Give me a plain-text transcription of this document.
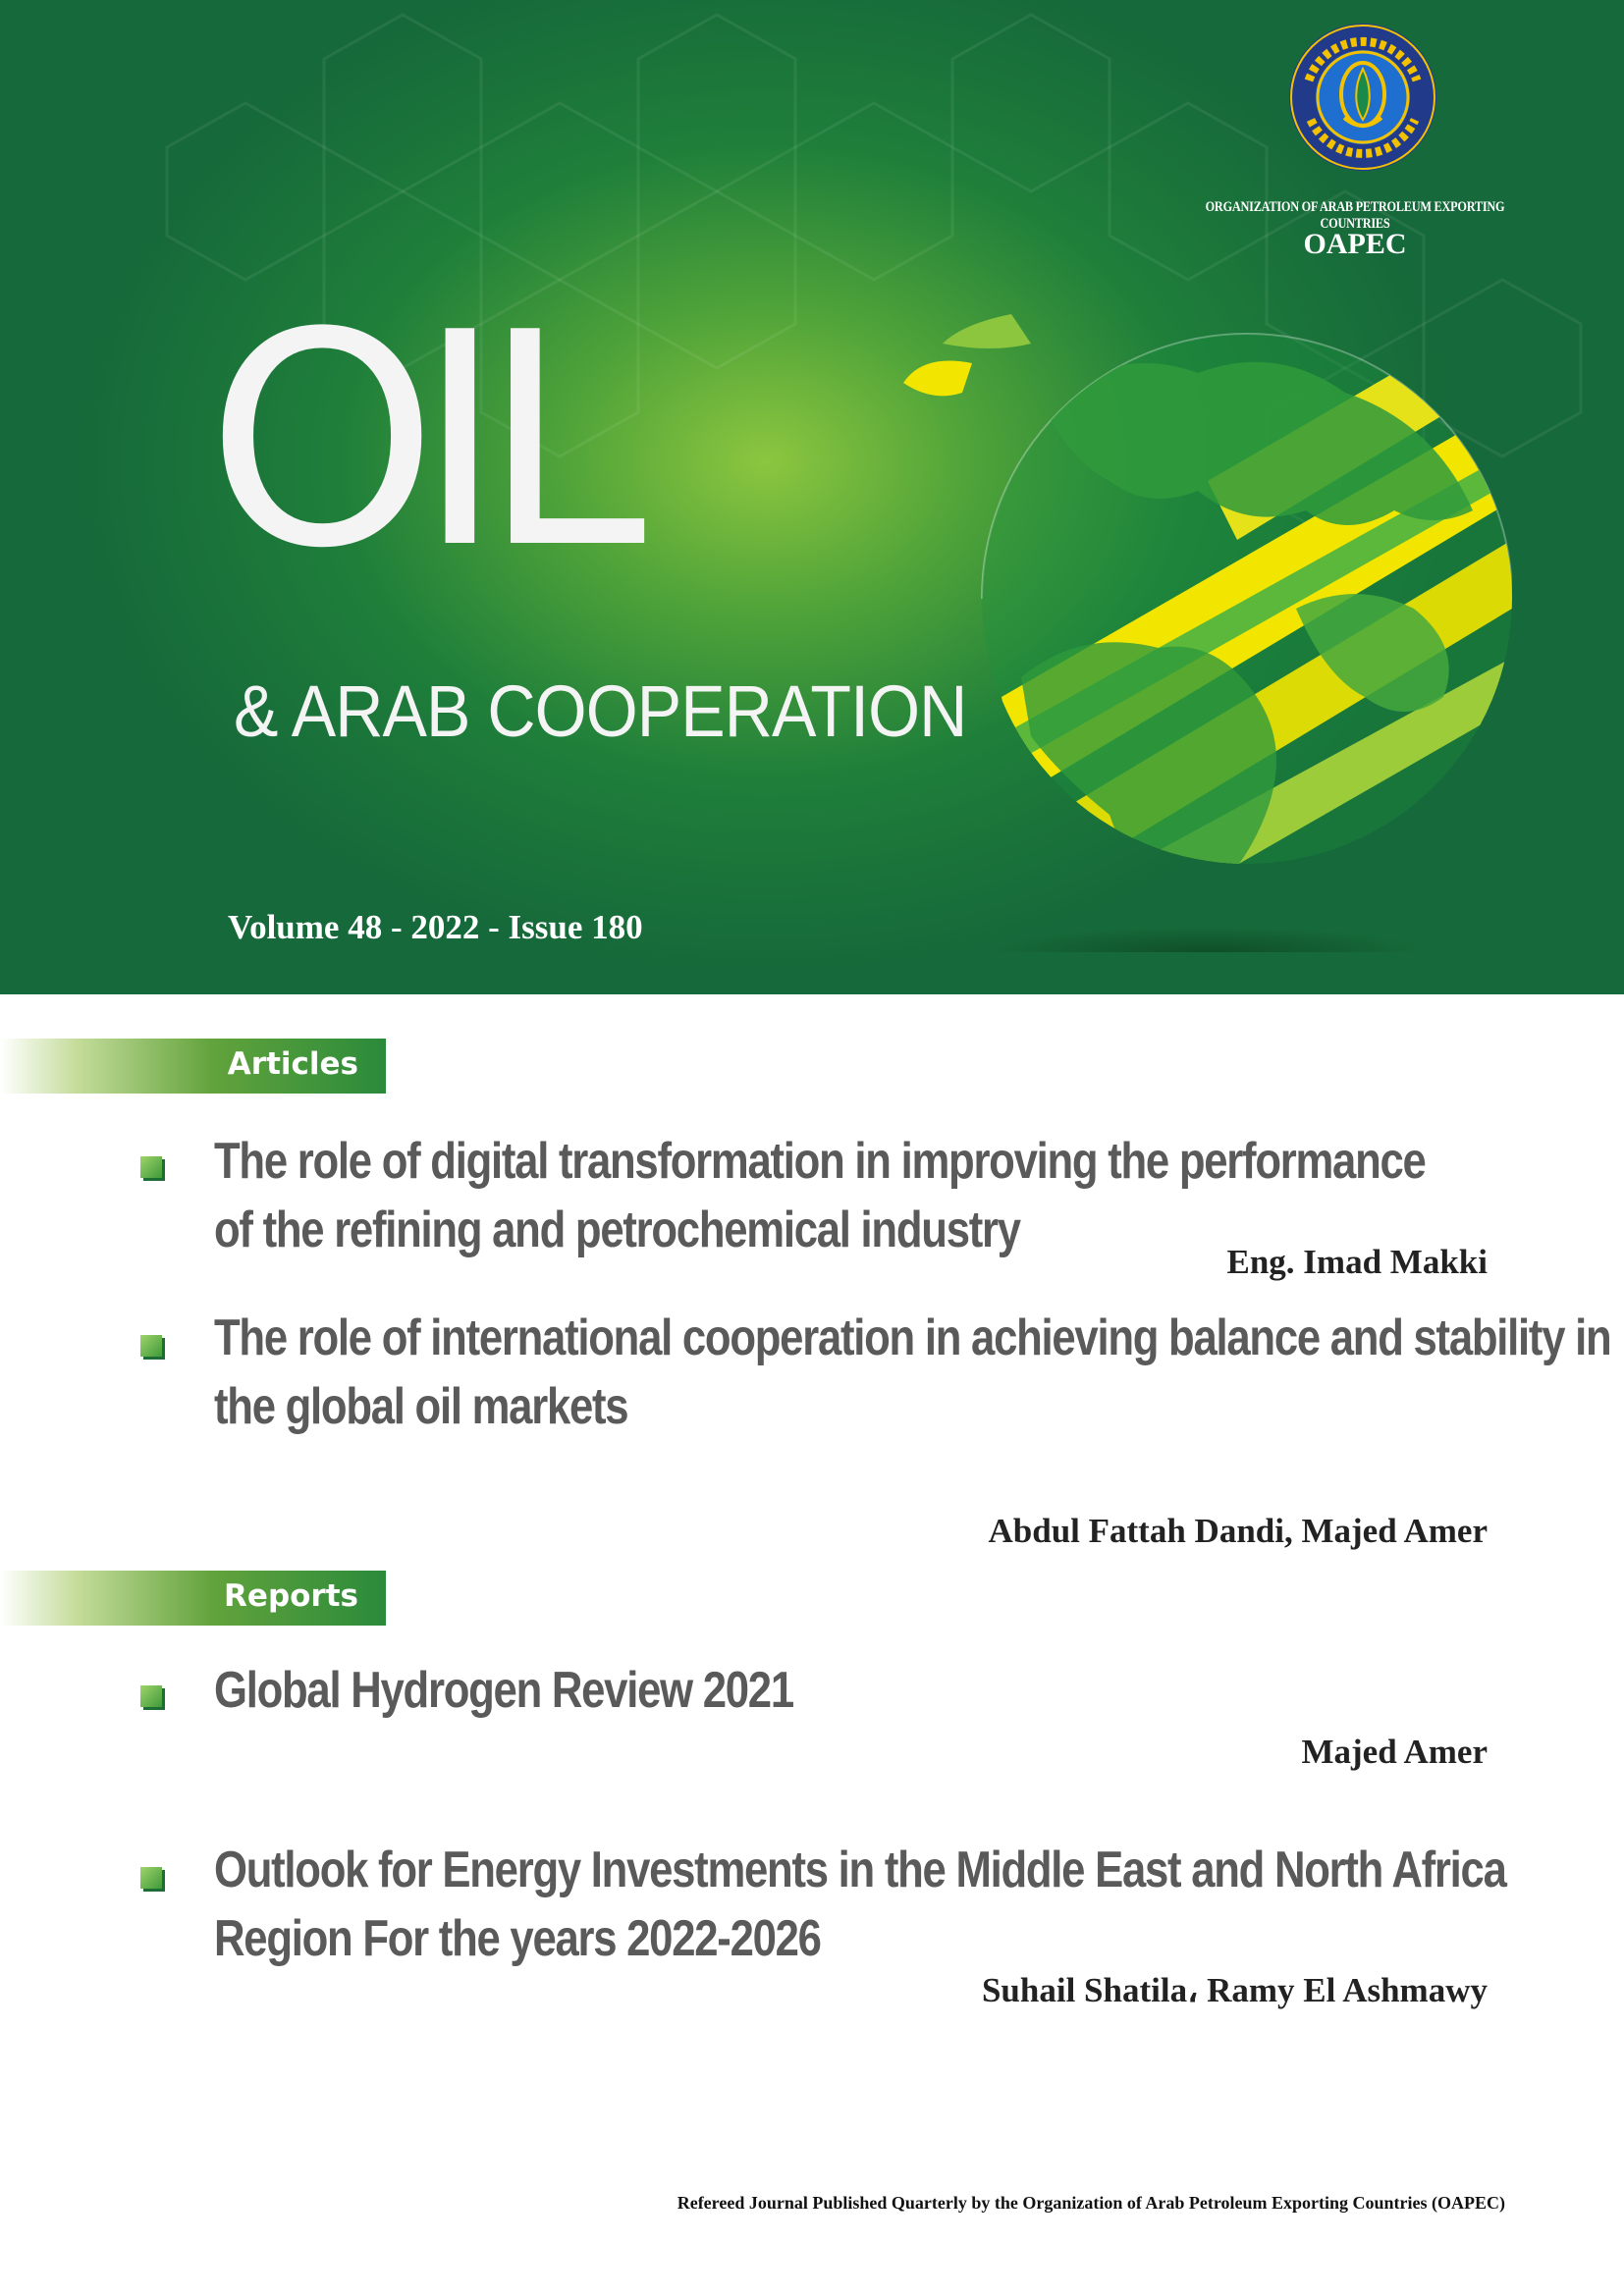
ORGANIZATION OF ARAB PETROLEUM EXPORTING COUNTRIES
OAPEC
OIL
& ARAB COOPERATION
Volume 48 - 2022 - Issue 180
Articles
The role of digital transformation in improving the performance
of the refining and petrochemical industry
Eng. Imad Makki
The role of international cooperation in achieving balance and stability in
the global oil markets
Abdul Fattah Dandi, Majed Amer
Reports
Global Hydrogen Review 2021
Majed Amer
Outlook for Energy Investments in the Middle East and North Africa
Region For the years 2022-2026
Suhail Shatila، Ramy El Ashmawy
Refereed Journal Published Quarterly by the Organization of Arab Petroleum Exporting Countries (OAPEC)
